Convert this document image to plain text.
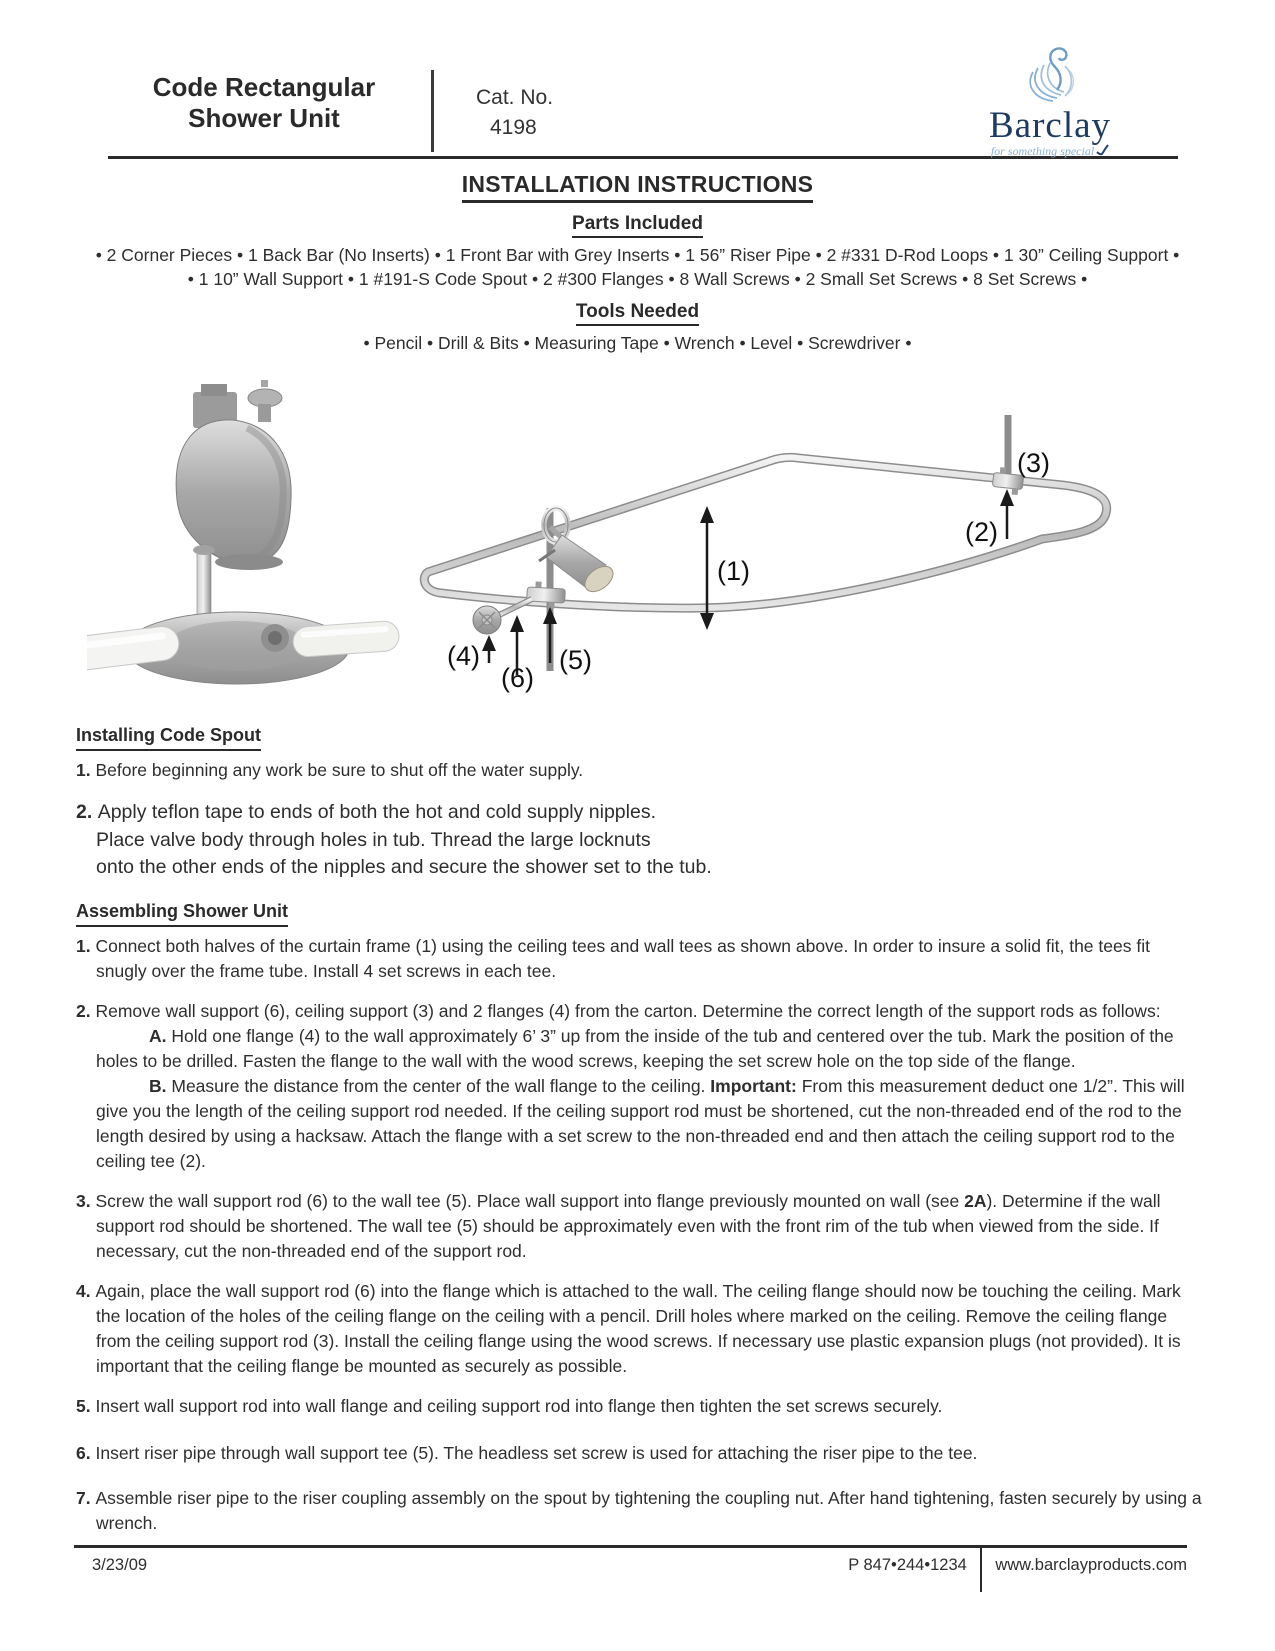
Code Rectangular
Shower Unit
Cat. No.
4198	Barclay
for something special
INSTALLATION INSTRUCTIONS
Parts Included
• 2 Corner Pieces • 1 Back Bar (No Inserts) • 1 Front Bar with Grey Inserts • 1 56” Riser Pipe • 2 #331 D-Rod Loops • 1 30” Ceiling Support •
• 1 10” Wall Support • 1 #191-S Code Spout • 2 #300 Flanges • 8 Wall Screws • 2 Small Set Screws • 8 Set Screws •
Tools Needed
• Pencil • Drill & Bits • Measuring Tape • Wrench • Level • Screwdriver •
(1)
(2)
(3)
(4)	(5)
(6)
Installing Code Spout
1. Before beginning any work be sure to shut off the water supply.
2. Apply teflon tape to ends of both the hot and cold supply nipples.
Place valve body through holes in tub. Thread the large locknuts
onto the other ends of the nipples and secure the shower set to the tub.
Assembling Shower Unit
1. Connect both halves of the curtain frame (1) using the ceiling tees and wall tees as shown above. In order to insure a solid fit, the tees fit snugly over the frame tube. Install 4 set screws in each tee.
2. Remove wall support (6), ceiling support (3) and 2 flanges (4) from the carton. Determine the correct length of the support rods as follows:
A. Hold one flange (4) to the wall approximately 6’ 3” up from the inside of the tub and centered over the tub. Mark the position of the holes to be drilled. Fasten the flange to the wall with the wood screws, keeping the set screw hole on the top side of the flange.
B. Measure the distance from the center of the wall flange to the ceiling. Important: From this measurement deduct one 1/2”. This will give you the length of the ceiling support rod needed. If the ceiling support rod must be shortened, cut the non-threaded end of the rod to the length desired by using a hacksaw. Attach the flange with a set screw to the non-threaded end and then attach the ceiling support rod to the ceiling tee (2).
3. Screw the wall support rod (6) to the wall tee (5). Place wall support into flange previously mounted on wall (see 2A). Determine if the wall support rod should be shortened. The wall tee (5) should be approximately even with the front rim of the tub when viewed from the side. If necessary, cut the non-threaded end of the support rod.
4. Again, place the wall support rod (6) into the flange which is attached to the wall. The ceiling flange should now be touching the ceiling. Mark the location of the holes of the ceiling flange on the ceiling with a pencil. Drill holes where marked on the ceiling. Remove the ceiling flange from the ceiling support rod (3). Install the ceiling flange using the wood screws. If necessary use plastic expansion plugs (not provided). It is important that the ceiling flange be mounted as securely as possible.
5. Insert wall support rod into wall flange and ceiling support rod into flange then tighten the set screws securely.
6. Insert riser pipe through wall support tee (5). The headless set screw is used for attaching the riser pipe to the tee.
7. Assemble riser pipe to the riser coupling assembly on the spout by tightening the coupling nut. After hand tightening, fasten securely by using a wrench.
3/23/09	P 847•244•1234 www.barclayproducts.com
